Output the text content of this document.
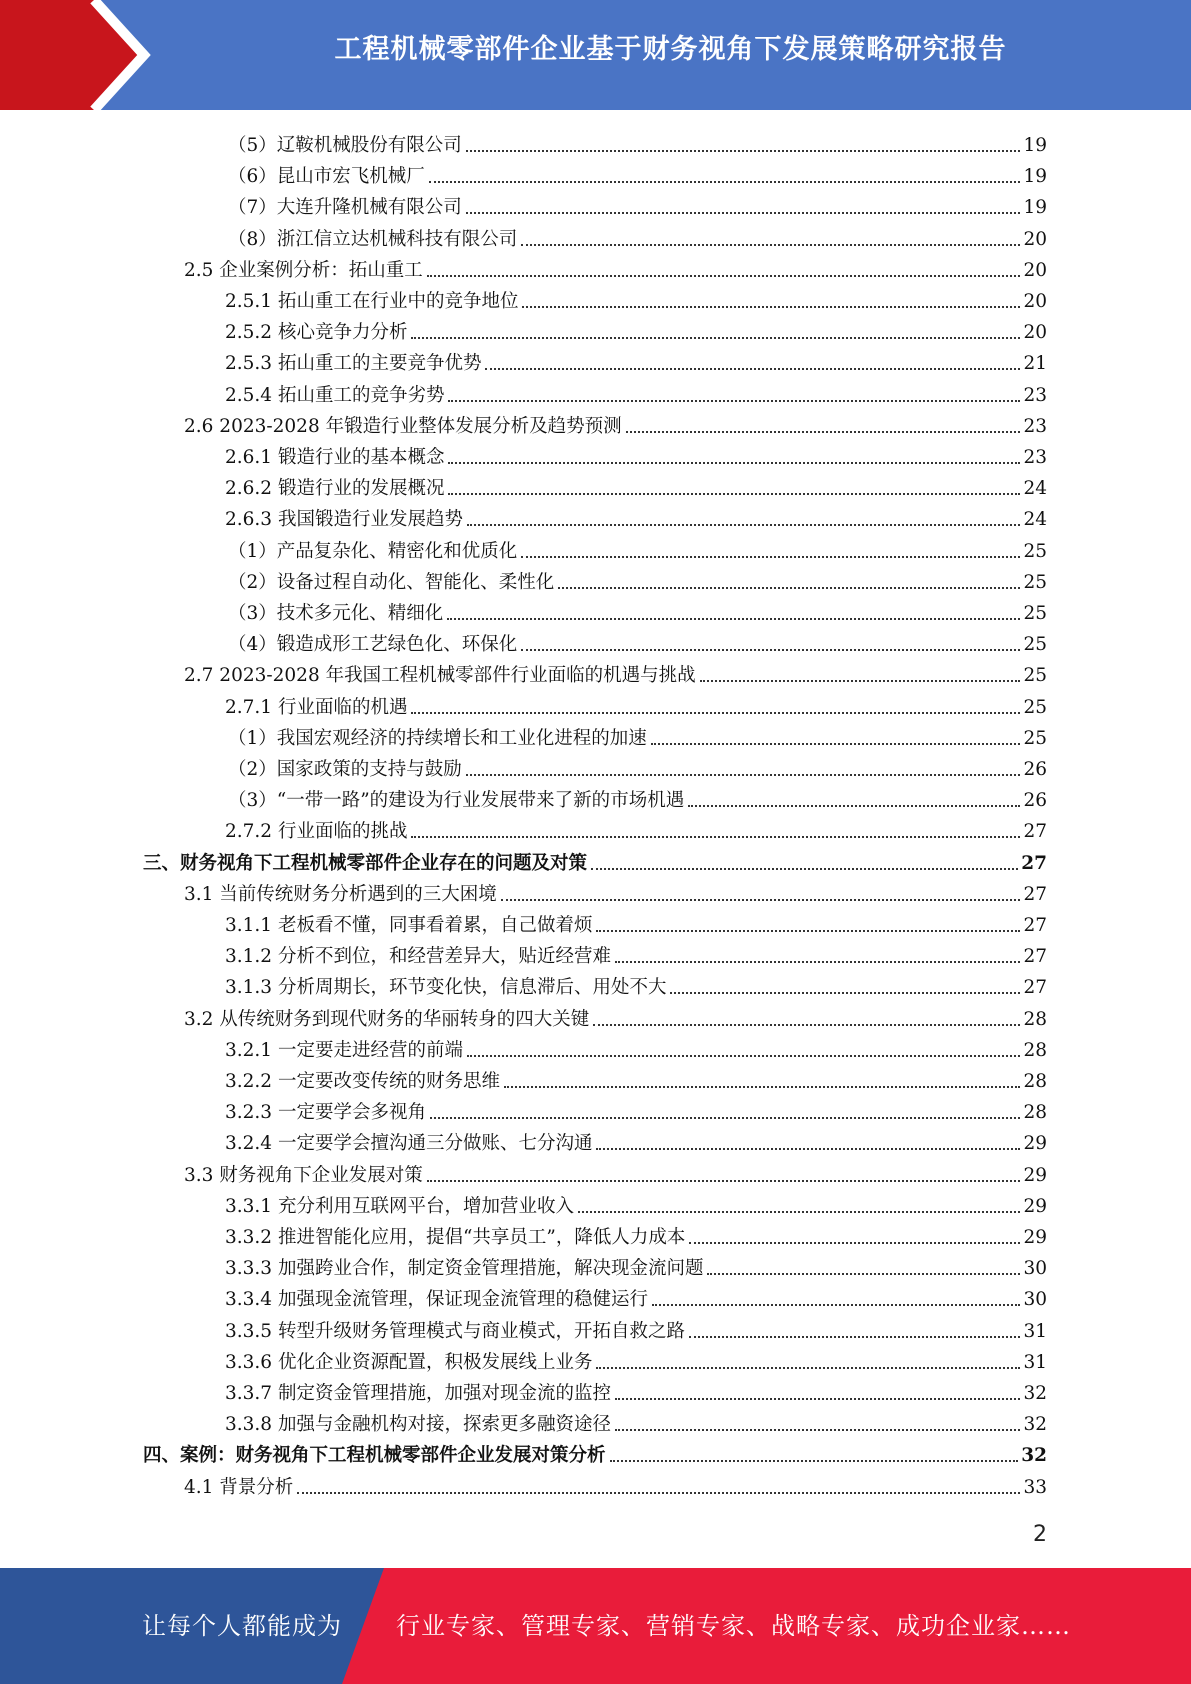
工程机械零部件企业基于财务视角下发展策略研究报告
（5）辽鞍机械股份有限公司	19
（6）昆山市宏飞机械厂	19
（7）大连升隆机械有限公司	19
（8）浙江信立达机械科技有限公司	20
2.5 企业案例分析：拓山重工	20
2.5.1 拓山重工在行业中的竞争地位	20
2.5.2 核心竞争力分析	20
2.5.3 拓山重工的主要竞争优势	21
2.5.4 拓山重工的竞争劣势	23
2.6 2023-2028 年锻造行业整体发展分析及趋势预测	23
2.6.1 锻造行业的基本概念	23
2.6.2 锻造行业的发展概况	24
2.6.3 我国锻造行业发展趋势	24
（1）产品复杂化、精密化和优质化	25
（2）设备过程自动化、智能化、柔性化	25
（3）技术多元化、精细化	25
（4）锻造成形工艺绿色化、环保化	25
2.7 2023-2028 年我国工程机械零部件行业面临的机遇与挑战	25
2.7.1 行业面临的机遇	25
（1）我国宏观经济的持续增长和工业化进程的加速	25
（2）国家政策的支持与鼓励	26
（3）“一带一路”的建设为行业发展带来了新的市场机遇	26
2.7.2 行业面临的挑战	27
三、财务视角下工程机械零部件企业存在的问题及对策	27
3.1 当前传统财务分析遇到的三大困境	27
3.1.1 老板看不懂，同事看着累，自己做着烦	27
3.1.2 分析不到位，和经营差异大，贴近经营难	27
3.1.3 分析周期长，环节变化快，信息滞后、用处不大	27
3.2 从传统财务到现代财务的华丽转身的四大关键	28
3.2.1 一定要走进经营的前端	28
3.2.2 一定要改变传统的财务思维	28
3.2.3 一定要学会多视角	28
3.2.4 一定要学会擅沟通三分做账、七分沟通	29
3.3 财务视角下企业发展对策	29
3.3.1 充分利用互联网平台，增加营业收入	29
3.3.2 推进智能化应用，提倡“共享员工”，降低人力成本	29
3.3.3 加强跨业合作，制定资金管理措施，解决现金流问题	30
3.3.4 加强现金流管理，保证现金流管理的稳健运行	30
3.3.5 转型升级财务管理模式与商业模式，开拓自救之路	31
3.3.6 优化企业资源配置，积极发展线上业务	31
3.3.7 制定资金管理措施，加强对现金流的监控	32
3.3.8 加强与金融机构对接，探索更多融资途径	32
四、案例：财务视角下工程机械零部件企业发展对策分析	32
4.1 背景分析	33
2
让每个人都能成为 行业专家、管理专家、营销专家、战略专家、成功企业家……
